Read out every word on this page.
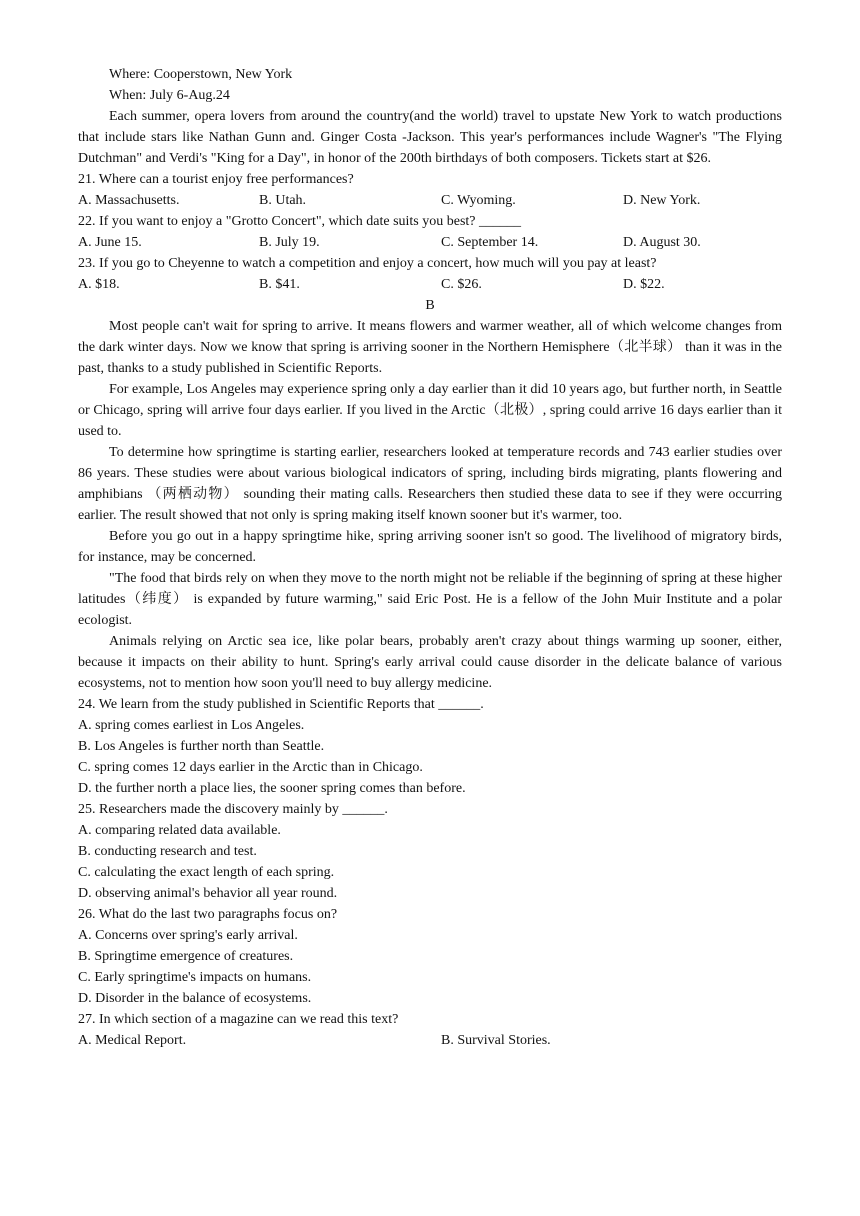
Where: Cooperstown, New York
When: July 6-Aug.24

Each summer, opera lovers from around the country(and the world) travel to upstate New York to watch productions that include stars like Nathan Gunn and. Ginger Costa -Jackson. This year's performances include Wagner's "The Flying Dutchman" and Verdi's "King for a Day", in honor of the 200th birthdays of both composers. Tickets start at $26.

21. Where can a tourist enjoy free performances?

A. Massachusetts.	B. Utah.	C. Wyoming.	D. New York.

22. If you want to enjoy a "Grotto Concert", which date suits you best? ______

A. June 15.	B. July 19.	C. September 14.	D. August 30.

23. If you go to Cheyenne to watch a competition and enjoy a concert, how much will you pay at least?

A. $18.	B. $41.	C. $26.	D. $22.

B

Most people can't wait for spring to arrive. It means flowers and warmer weather, all of which welcome changes from the dark winter days. Now we know that spring is arriving sooner in the Northern Hemisphere（北半球） than it was in the past, thanks to a study published in Scientific Reports.

For example, Los Angeles may experience spring only a day earlier than it did 10 years ago, but further north, in Seattle or Chicago, spring will arrive four days earlier. If you lived in the Arctic（北极）, spring could arrive 16 days earlier than it used to.

To determine how springtime is starting earlier, researchers looked at temperature records and 743 earlier studies over 86 years. These studies were about various biological indicators of spring, including birds migrating, plants flowering and amphibians （两栖动物） sounding their mating calls. Researchers then studied these data to see if they were occurring earlier. The result showed that not only is spring making itself known sooner but it's warmer, too.

Before you go out in a happy springtime hike, spring arriving sooner isn't so good. The livelihood of migratory birds, for instance, may be concerned.

"The food that birds rely on when they move to the north might not be reliable if the beginning of spring at these higher latitudes（纬度） is expanded by future warming," said Eric Post. He is a fellow of the John Muir Institute and a polar ecologist.

Animals relying on Arctic sea ice, like polar bears, probably aren't crazy about things warming up sooner, either, because it impacts on their ability to hunt. Spring's early arrival could cause disorder in the delicate balance of various ecosystems, not to mention how soon you'll need to buy allergy medicine.

24. We learn from the study published in Scientific Reports that ______.

A. spring comes earliest in Los Angeles.
B. Los Angeles is further north than Seattle.
C. spring comes 12 days earlier in the Arctic than in Chicago.
D. the further north a place lies, the sooner spring comes than before.

25. Researchers made the discovery mainly by ______.

A. comparing related data available.
B. conducting research and test.
C. calculating the exact length of each spring.
D. observing animal's behavior all year round.

26. What do the last two paragraphs focus on?

A. Concerns over spring's early arrival.
B. Springtime emergence of creatures.
C. Early springtime's impacts on humans.
D. Disorder in the balance of ecosystems.

27. In which section of a magazine can we read this text?

A. Medical Report.	B. Survival Stories.
